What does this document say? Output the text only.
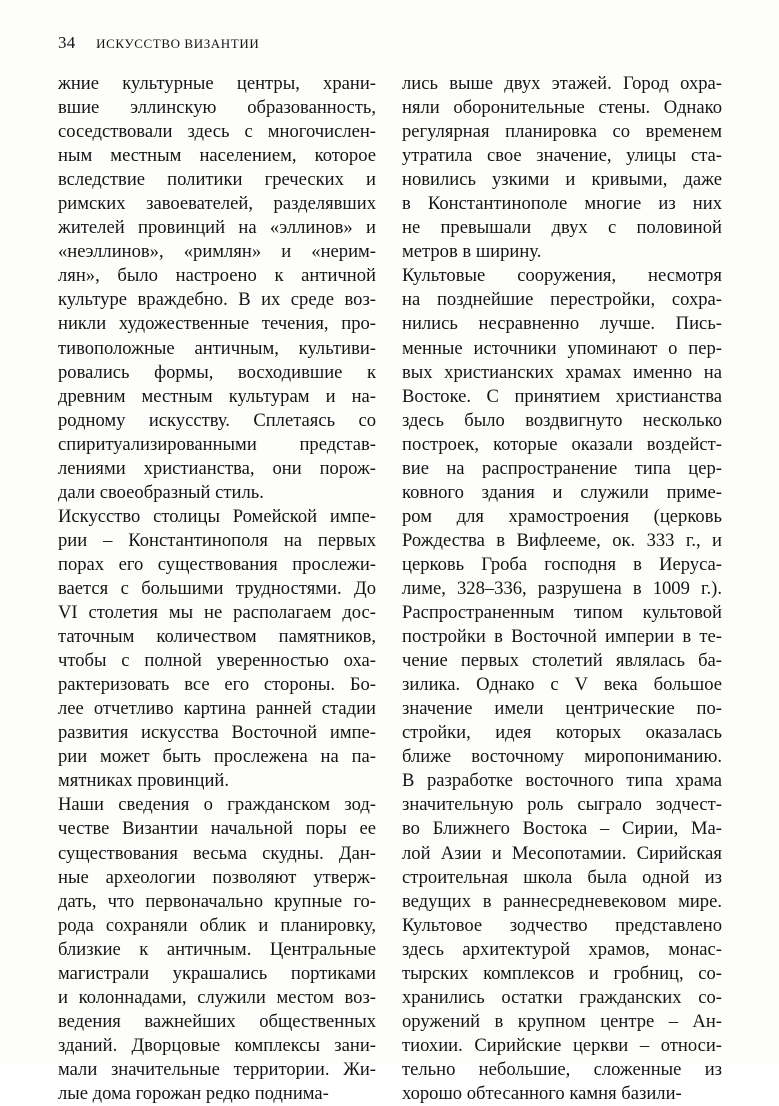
34 ИСКУССТВО ВИЗАНТИИ

жние культурные центры, храни-
вшие эллинскую образованность,
соседствовали здесь с многочислен-
ным местным населением, которое
вследствие политики греческих и
римских завоевателей, разделявших
жителей провинций на «эллинов» и
«неэллинов», «римлян» и «нерим-
лян», было настроено к античной
культуре враждебно. В их среде воз-
никли художественные течения, про-
тивоположные античным, культиви-
ровались формы, восходившие к
древним местным культурам и на-
родному искусству. Сплетаясь со
спиритуализированными представ-
лениями христианства, они порож-
дали своеобразный стиль.

Искусство столицы Ромейской импе-
рии – Константинополя на первых
порах его существования прослежи-
вается с большими трудностями. До
VI столетия мы не располагаем дос-
таточным количеством памятников,
чтобы с полной уверенностью оха-
рактеризовать все его стороны. Бо-
лее отчетливо картина ранней стадии
развития искусства Восточной импе-
рии может быть прослежена на па-
мятниках провинций.

Наши сведения о гражданском зод-
честве Византии начальной поры ее
существования весьма скудны. Дан-
ные археологии позволяют утверж-
дать, что первоначально крупные го-
рода сохраняли облик и планировку,
близкие к античным. Центральные
магистрали украшались портиками
и колоннадами, служили местом воз-
ведения важнейших общественных
зданий. Дворцовые комплексы зани-
мали значительные территории. Жи-
лые дома горожан редко поднима-

лись выше двух этажей. Город охра-
няли оборонительные стены. Однако
регулярная планировка со временем
утратила свое значение, улицы ста-
новились узкими и кривыми, даже
в Константинополе многие из них
не превышали двух с половиной
метров в ширину.

Культовые сооружения, несмотря
на позднейшие перестройки, сохра-
нились несравненно лучше. Пись-
менные источники упоминают о пер-
вых христианских храмах именно на
Востоке. С принятием христианства
здесь было воздвигнуто несколько
построек, которые оказали воздейст-
вие на распространение типа цер-
ковного здания и служили приме-
ром для храмостроения (церковь
Рождества в Вифлееме, ок. 333 г., и
церковь Гроба господня в Иеруса-
лиме, 328–336, разрушена в 1009 г.).
Распространенным типом культовой
постройки в Восточной империи в те-
чение первых столетий являлась ба-
зилика. Однако с V века большое
значение имели центрические по-
стройки, идея которых оказалась
ближе восточному миропониманию.
В разработке восточного типа храма
значительную роль сыграло зодчест-
во Ближнего Востока – Сирии, Ма-
лой Азии и Месопотамии. Сирийская
строительная школа была одной из
ведущих в раннесредневековом мире.
Культовое зодчество представлено
здесь архитектурой храмов, монас-
тырских комплексов и гробниц, со-
хранились остатки гражданских со-
оружений в крупном центре – Ан-
тиохии. Сирийские церкви – относи-
тельно небольшие, сложенные из
хорошо обтесанного камня базили-
